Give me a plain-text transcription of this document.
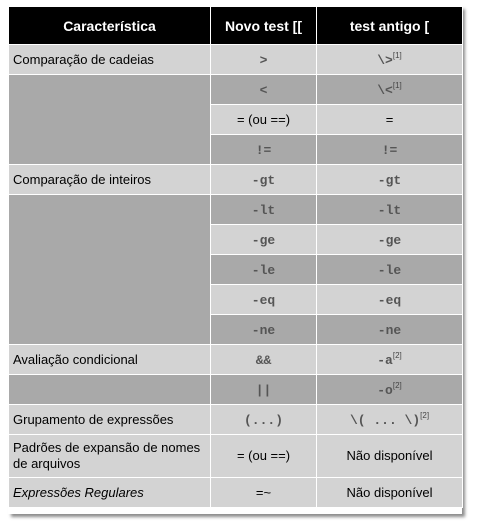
Característica	Novo test [[	test antigo [
Comparação de cadeias	>	\>[1]
	<	\<[1]
	= (ou ==)	=
	!=	!=
Comparação de inteiros	-gt	-gt
	-lt	-lt
	-ge	-ge
	-le	-le
	-eq	-eq
	-ne	-ne
Avaliação condicional	&&	-a[2]
	||	-o[2]
Grupamento de expressões	(...)	\( ... \)[2]
Padrões de expansão de nomes de arquivos	= (ou ==)	Não disponível
Expressões Regulares	=~	Não disponível
